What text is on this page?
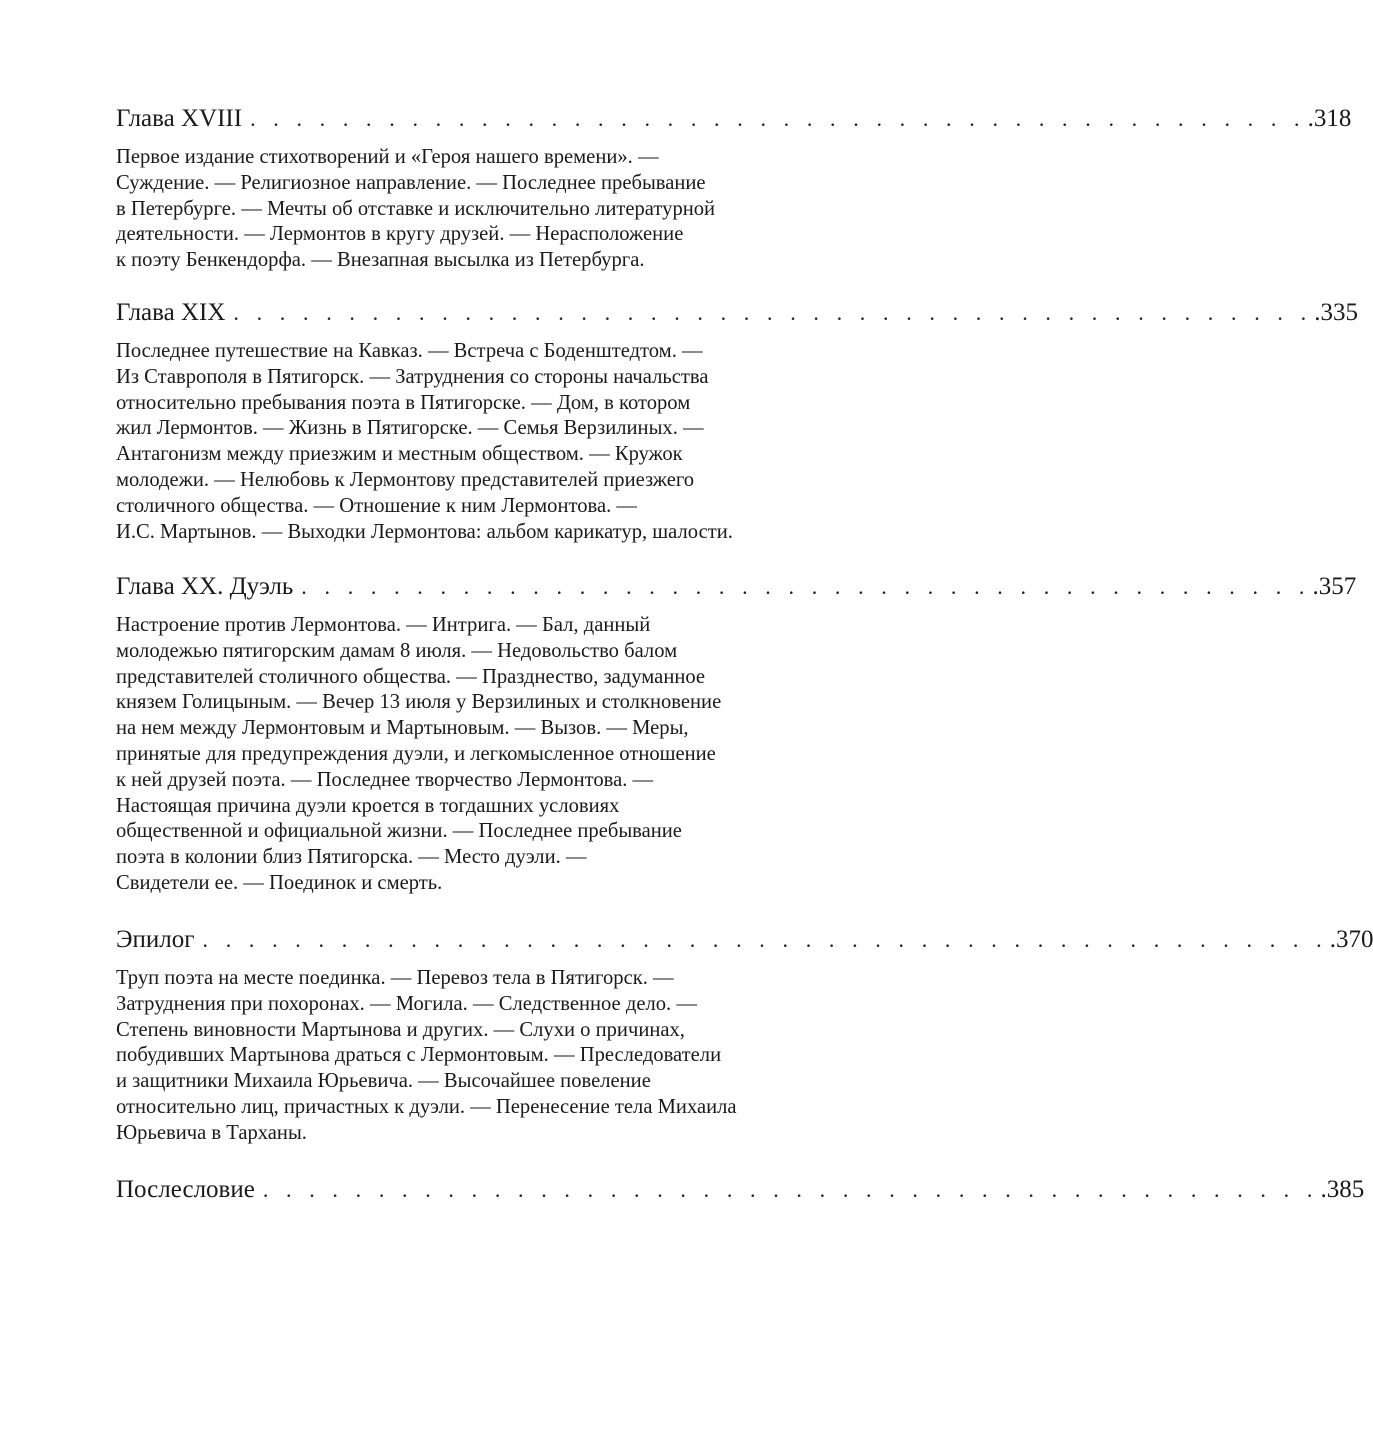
Глава XVIII . . . . . . . . . . . . . . . . . . . . . . . . . . . . . . . . . . . . . . . . . . . . . . .318
Первое издание стихотворений и «Героя нашего времени». —
Суждение. — Религиозное направление. — Последнее пребывание
в Петербурге. — Мечты об отставке и исключительно литературной
деятельности. — Лермонтов в кругу друзей. — Нерасположение
к поэту Бенкендорфа. — Внезапная высылка из Петербурга.
Глава XIX . . . . . . . . . . . . . . . . . . . . . . . . . . . . . . . . . . . . . . . . . . . . . . . .335
Последнее путешествие на Кавказ. — Встреча с Боденштедтом. —
Из Ставрополя в Пятигорск. — Затруднения со стороны начальства
относительно пребывания поэта в Пятигорске. — Дом, в котором
жил Лермонтов. — Жизнь в Пятигорске. — Семья Верзилиных. —
Антагонизм между приезжим и местным обществом. — Кружок
молодежи. — Нелюбовь к Лермонтову представителей приезжего
столичного общества. — Отношение к ним Лермонтова. —
И.С. Мартынов. — Выходки Лермонтова: альбом карикатур, шалости.
Глава XX. Дуэль . . . . . . . . . . . . . . . . . . . . . . . . . . . . . . . . . . . . . . . . . . . . .357
Настроение против Лермонтова. — Интрига. — Бал, данный
молодежью пятигорским дамам 8 июля. — Недовольство балом
представителей столичного общества. — Празднество, задуманное
князем Голицыным. — Вечер 13 июля у Верзилиных и столкновение
на нем между Лермонтовым и Мартыновым. — Вызов. — Меры,
принятые для предупреждения дуэли, и легкомысленное отношение
к ней друзей поэта. — Последнее творчество Лермонтова. —
Настоящая причина дуэли кроется в тогдашних условиях
общественной и официальной жизни. — Последнее пребывание
поэта в колонии близ Пятигорска. — Место дуэли. —
Свидетели ее. — Поединок и смерть.
Эпилог . . . . . . . . . . . . . . . . . . . . . . . . . . . . . . . . . . . . . . . . . . . . . . . . . .370
Труп поэта на месте поединка. — Перевоз тела в Пятигорск. —
Затруднения при похоронах. — Могила. — Следственное дело. —
Степень виновности Мартынова и других. — Слухи о причинах,
побудивших Мартынова драться с Лермонтовым. — Преследователи
и защитники Михаила Юрьевича. — Высочайшее повеление
относительно лиц, причастных к дуэли. — Перенесение тела Михаила
Юрьевича в Тарханы.
Послесловие . . . . . . . . . . . . . . . . . . . . . . . . . . . . . . . . . . . . . . . . . . . . . . .385
